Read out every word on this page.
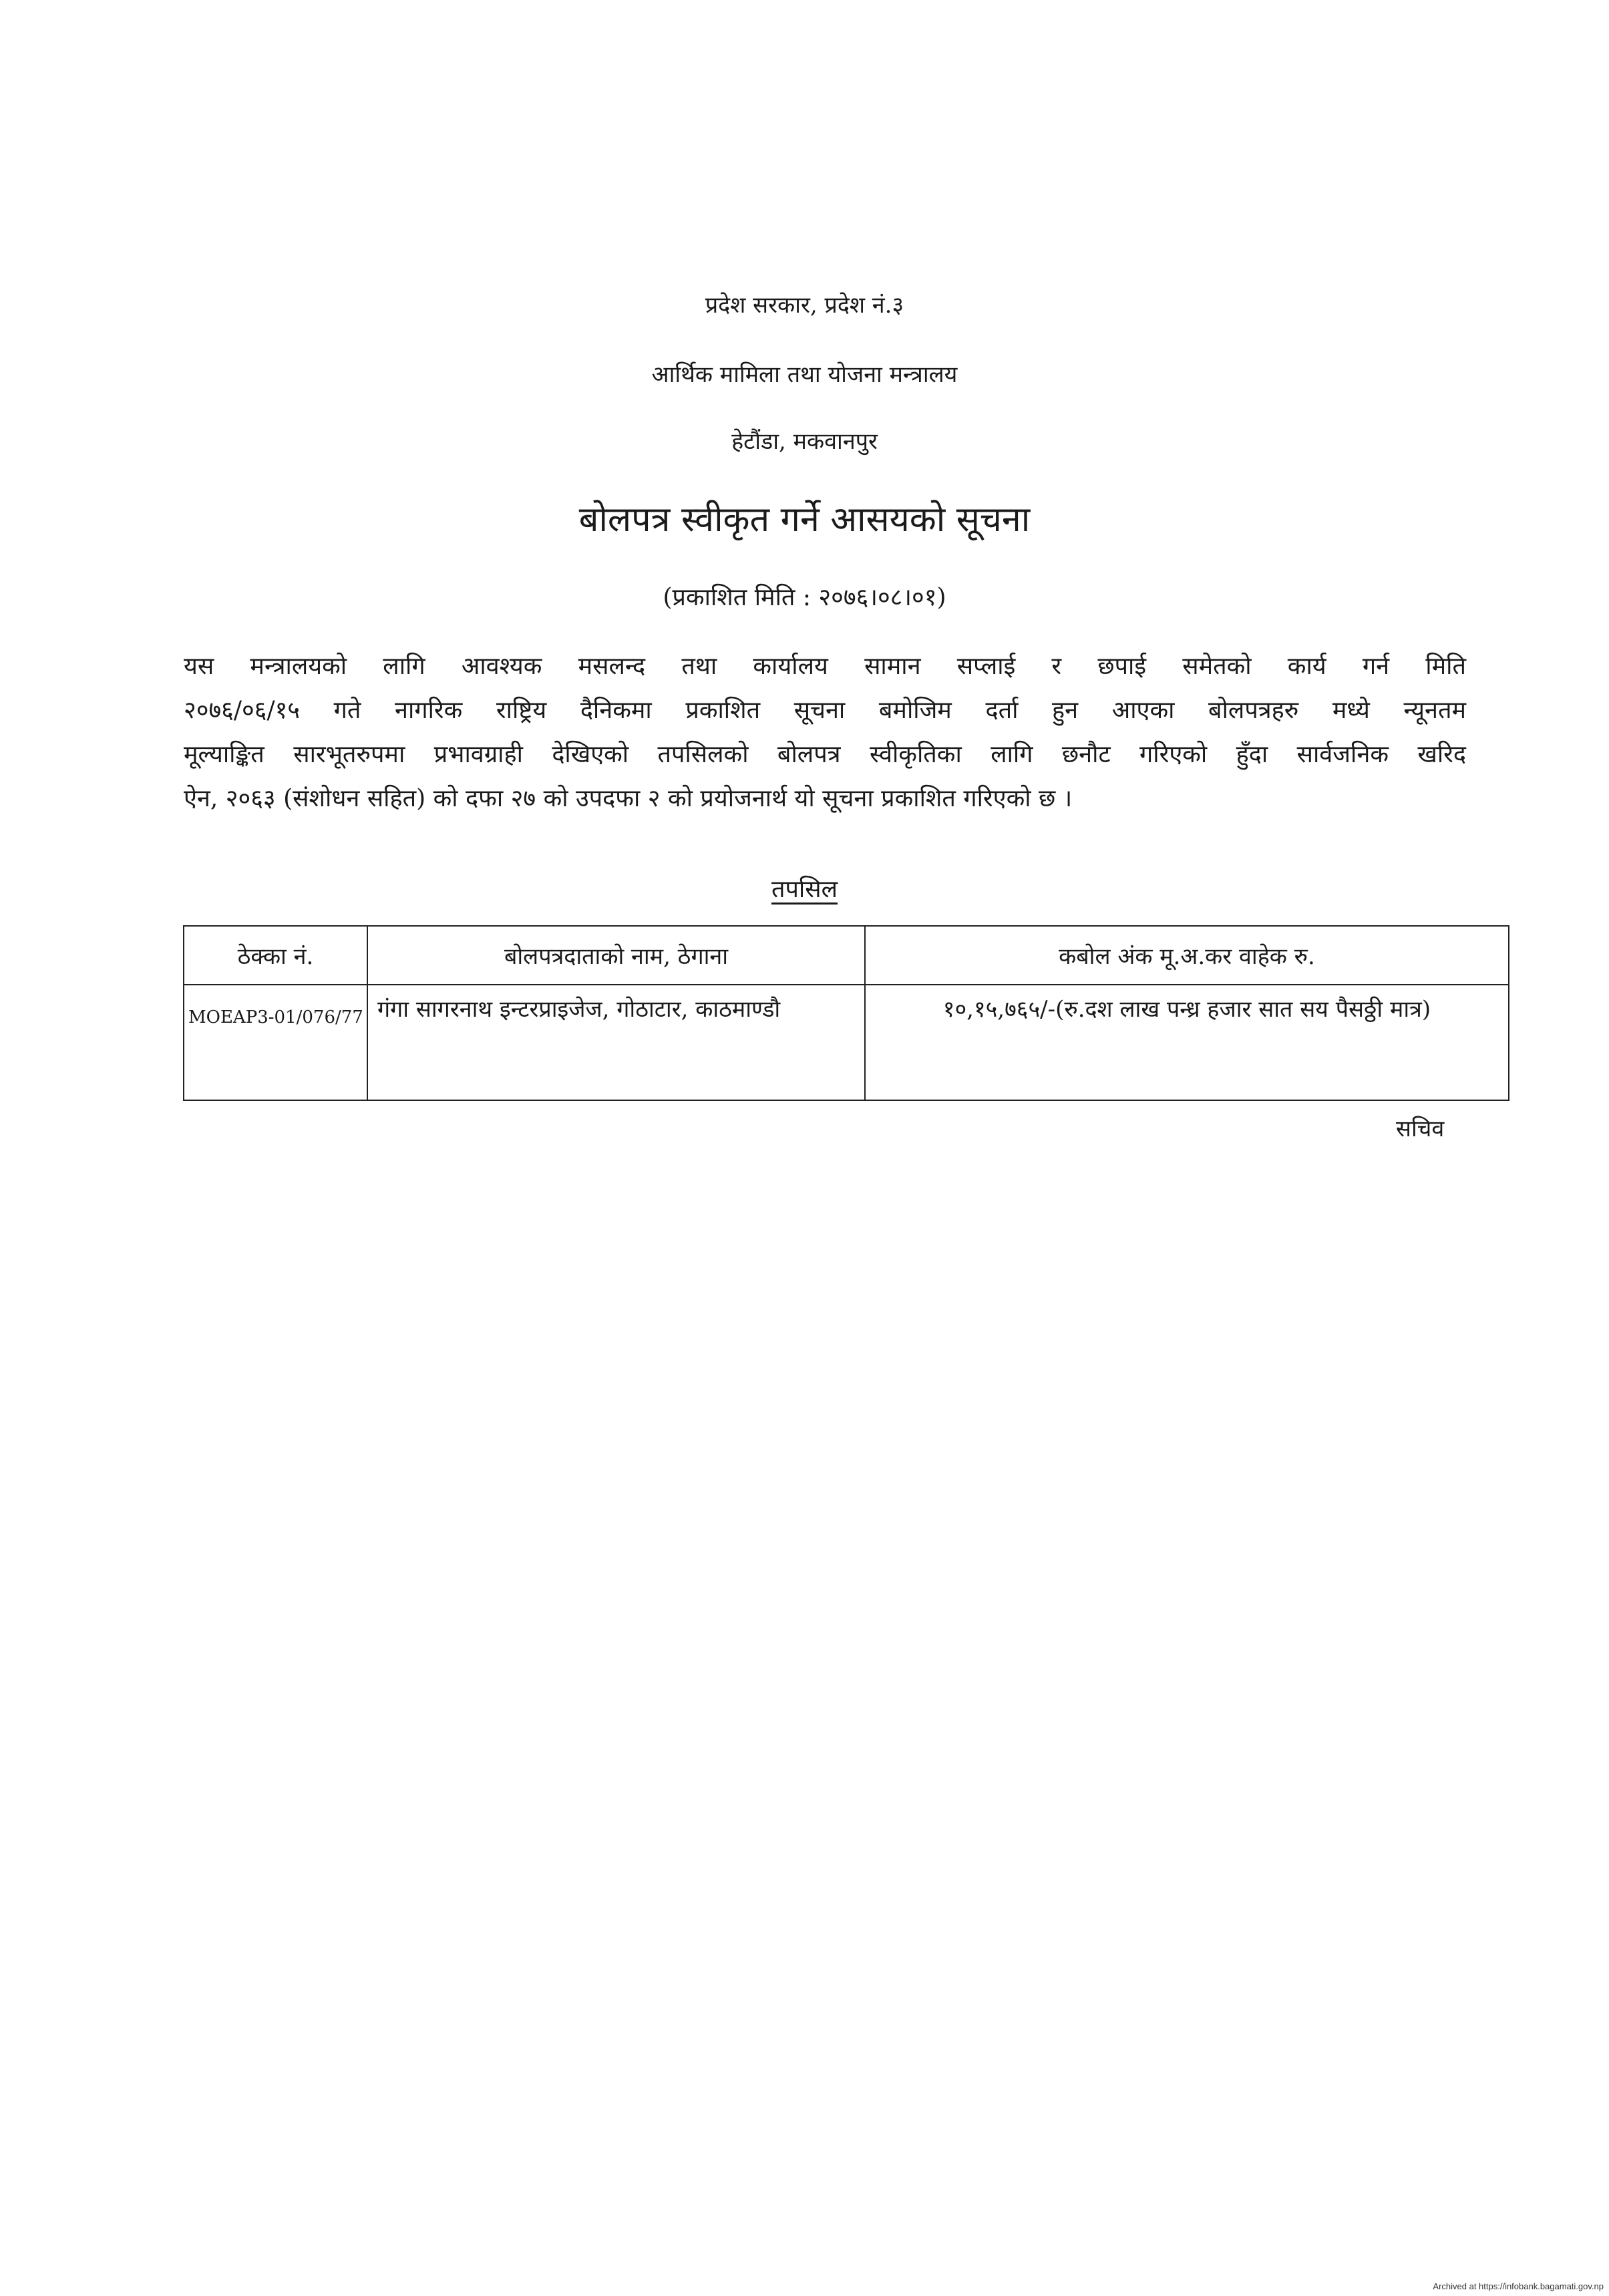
प्रदेश सरकार, प्रदेश नं.३
आर्थिक मामिला तथा योजना मन्त्रालय
हेटौंडा, मकवानपुर
बोलपत्र स्वीकृत गर्ने आसयको सूचना
(प्रकाशित मिति : २०७६।०८।०१)
यस मन्त्रालयको लागि आवश्यक मसलन्द तथा कार्यालय सामान सप्लाई र छपाई समेतको कार्य गर्न मिति
२०७६/०६/१५ गते नागरिक राष्ट्रिय दैनिकमा प्रकाशित सूचना बमोजिम दर्ता हुन आएका बोलपत्रहरु मध्ये न्यूनतम
मूल्याङ्कित सारभूतरुपमा प्रभावग्राही देखिएको तपसिलको बोलपत्र स्वीकृतिका लागि छनौट गरिएको हुँदा सार्वजनिक खरिद
ऐन, २०६३ (संशोधन सहित) को दफा २७ को उपदफा २ को प्रयोजनार्थ यो सूचना प्रकाशित गरिएको छ ।
तपसिल
ठेक्का नं.	बोलपत्रदाताको नाम, ठेगाना	कबोल अंक मू.अ.कर वाहेक रु.
MOEAP3-01/076/77	गंगा सागरनाथ इन्टरप्राइजेज, गोठाटार, काठमाण्डौ	१०,१५,७६५/-(रु.दश लाख पन्ध्र हजार सात सय पैसठ्ठी मात्र)
सचिव
Archived at https://infobank.bagamati.gov.np
